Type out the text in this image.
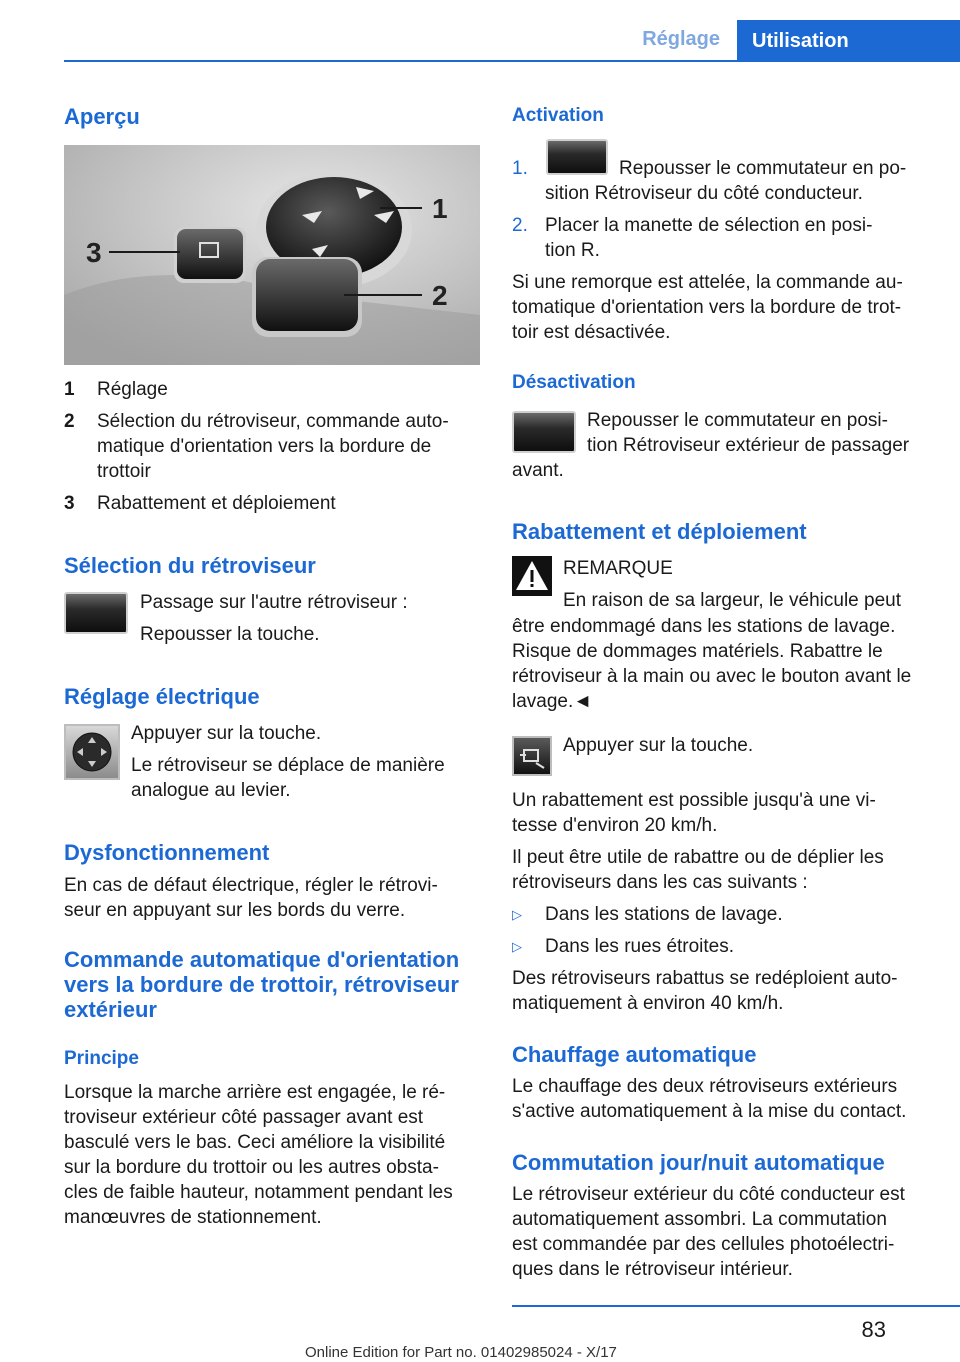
Réglage	Utilisation
Aperçu
1
2
3
1	Réglage
2	Sélection du rétroviseur, commande auto-
matique d'orientation vers la bordure de
trottoir
3	Rabattement et déploiement
Sélection du rétroviseur

Passage sur l'autre rétroviseur :

Repousser la touche.

Réglage électrique

Appuyer sur la touche.

Le rétroviseur se déplace de manière
analogue au levier.

Dysfonctionnement

En cas de défaut électrique, régler le rétrovi-
seur en appuyant sur les bords du verre.

Commande automatique d'orientation
vers la bordure de trottoir, rétroviseur
extérieur
Principe

Lorsque la marche arrière est engagée, le ré-
troviseur extérieur côté passager avant est
basculé vers le bas. Ceci améliore la visibilité
sur la bordure du trottoir ou les autres obsta-
cles de faible hauteur, notamment pendant les
manœuvres de stationnement.

Activation
1.	Repousser le commutateur en po-
sition Rétroviseur du côté conducteur.
2. Placer la manette de sélection en posi-
tion R.

Si une remorque est attelée, la commande au-
tomatique d'orientation vers la bordure de trot-
toir est désactivée.

Désactivation

Repousser le commutateur en posi-
tion Rétroviseur extérieur de passager

avant.

Rabattement et déploiement

REMARQUE

En raison de sa largeur, le véhicule peut

être endommagé dans les stations de lavage.
Risque de dommages matériels. Rabattre le
rétroviseur à la main ou avec le bouton avant le
lavage.◄

Appuyer sur la touche.

Un rabattement est possible jusqu'à une vi-
tesse d'environ 20 km/h.

Il peut être utile de rabattre ou de déplier les
rétroviseurs dans les cas suivants :

▷	Dans les stations de lavage.
▷	Dans les rues étroites.

Des rétroviseurs rabattus se redéploient auto-
matiquement à environ 40 km/h.

Chauffage automatique

Le chauffage des deux rétroviseurs extérieurs
s'active automatiquement à la mise du contact.

Commutation jour/nuit automatique

Le rétroviseur extérieur du côté conducteur est
automatiquement assombri. La commutation
est commandée par des cellules photoélectri-
ques dans le rétroviseur intérieur.

83
Online Edition for Part no. 01402985024 - X/17
